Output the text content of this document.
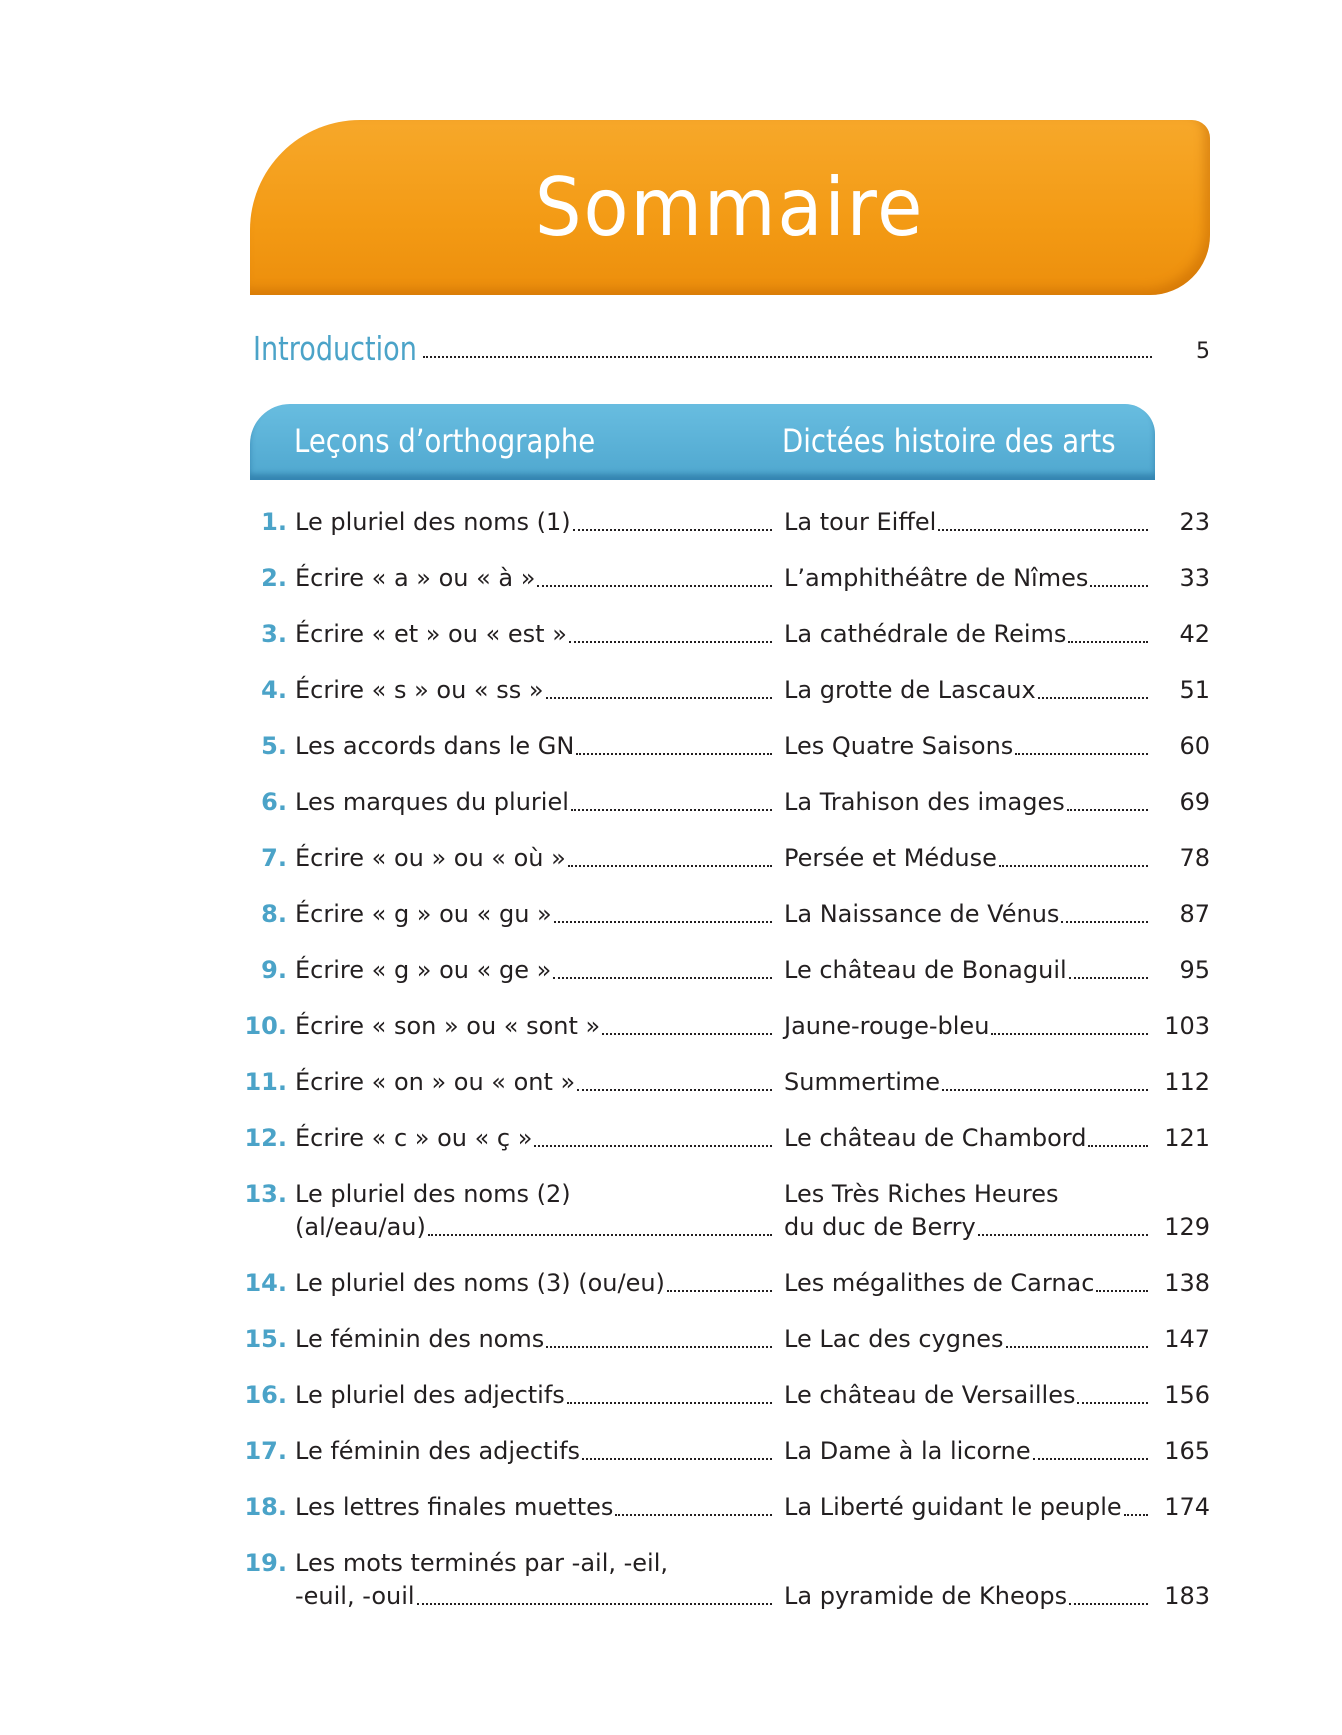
Sommaire
Introduction	5
Leçons d’orthographe	Dictées histoire des arts
1. Le pluriel des noms (1)	La tour Eiffel	23
2. Écrire « a » ou « à »	L’amphithéâtre de Nîmes	33
3. Écrire « et » ou « est »	La cathédrale de Reims	42
4. Écrire « s » ou « ss »	La grotte de Lascaux	51
5. Les accords dans le GN	Les Quatre Saisons	60
6. Les marques du pluriel	La Trahison des images	69
7. Écrire « ou » ou « où »	Persée et Méduse	78
8. Écrire « g » ou « gu »	La Naissance de Vénus	87
9. Écrire « g » ou « ge »	Le château de Bonaguil	95
10. Écrire « son » ou « sont »	Jaune-rouge-bleu	103
11. Écrire « on » ou « ont »	Summertime	112
12. Écrire « c » ou « ç »	Le château de Chambord	121
13. Le pluriel des noms (2)	Les Très Riches Heures
(al/eau/au)	du duc de Berry	129
14. Le pluriel des noms (3) (ou/eu)	Les mégalithes de Carnac	138
15. Le féminin des noms	Le Lac des cygnes	147
16. Le pluriel des adjectifs	Le château de Versailles	156
17. Le féminin des adjectifs	La Dame à la licorne	165
18. Les lettres finales muettes	La Liberté guidant le peuple	174
19. Les mots terminés par -ail, -eil,
-euil, -ouil	La pyramide de Kheops	183
